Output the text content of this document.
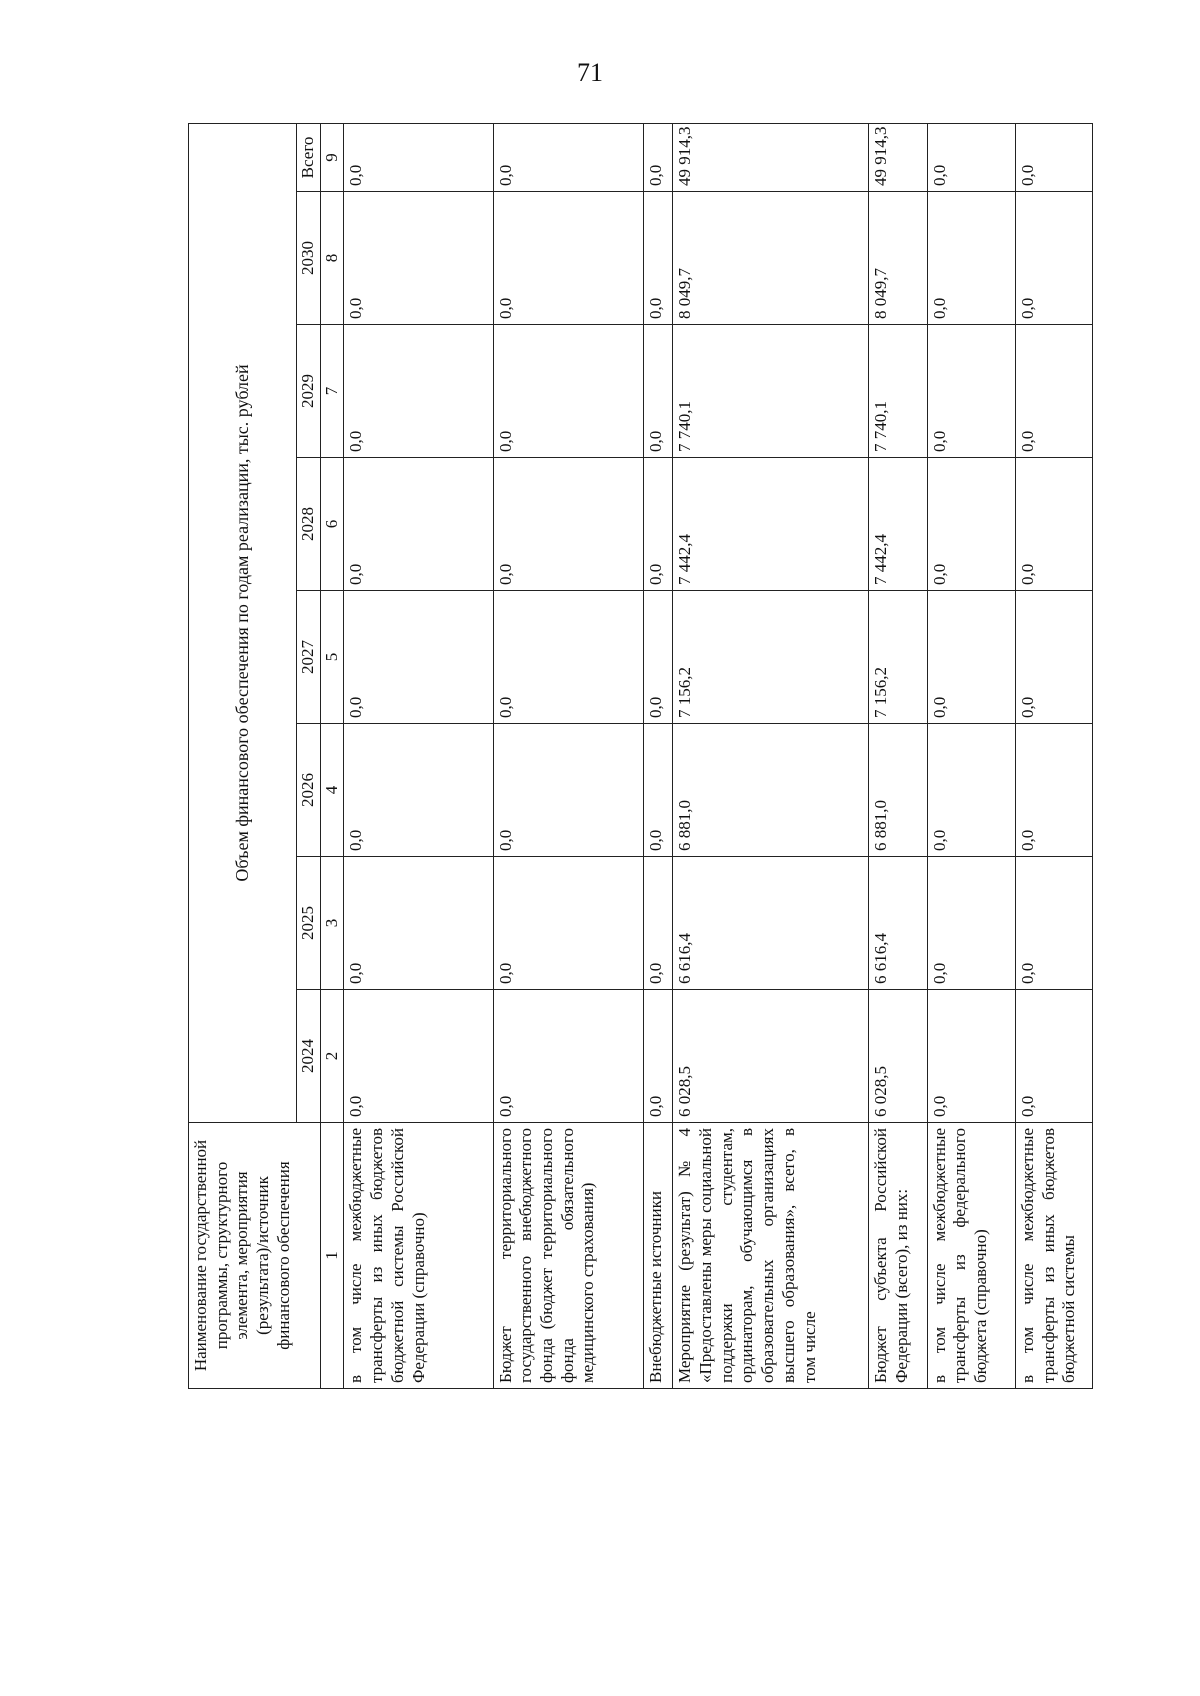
71
Наименование государственной программы, структурного элемента, мероприятия (результата)/источник финансового обеспечения	Объем финансового обеспечения по годам реализации, тыс. рублей							
	2024	2025	2026	2027	2028	2029	2030	Всего
1	2	3	4	5	6	7	8	9
в том числе межбюджетные трансферты из иных бюджетов бюджетной системы Российской Федерации (справочно)	0,0	0,0	0,0	0,0	0,0	0,0	0,0	0,0
Бюджет территориального государственного внебюджетного фонда (бюджет территориального фонда обязательного медицинского страхования)	0,0	0,0	0,0	0,0	0,0	0,0	0,0	0,0
Внебюджетные источники	0,0	0,0	0,0	0,0	0,0	0,0	0,0	0,0
Мероприятие (результат) № 4 «Предоставлены меры социальной поддержки студентам, ординаторам, обучающимся в образовательных организациях высшего образования», всего, в том числе	6 028,5	6 616,4	6 881,0	7 156,2	7 442,4	7 740,1	8 049,7	49 914,3
Бюджет субъекта Российской Федерации (всего), из них:	6 028,5	6 616,4	6 881,0	7 156,2	7 442,4	7 740,1	8 049,7	49 914,3
в том числе межбюджетные трансферты из федерального бюджета (справочно)	0,0	0,0	0,0	0,0	0,0	0,0	0,0	0,0
в том числе межбюджетные трансферты из иных бюджетов бюджетной системы	0,0	0,0	0,0	0,0	0,0	0,0	0,0	0,0
